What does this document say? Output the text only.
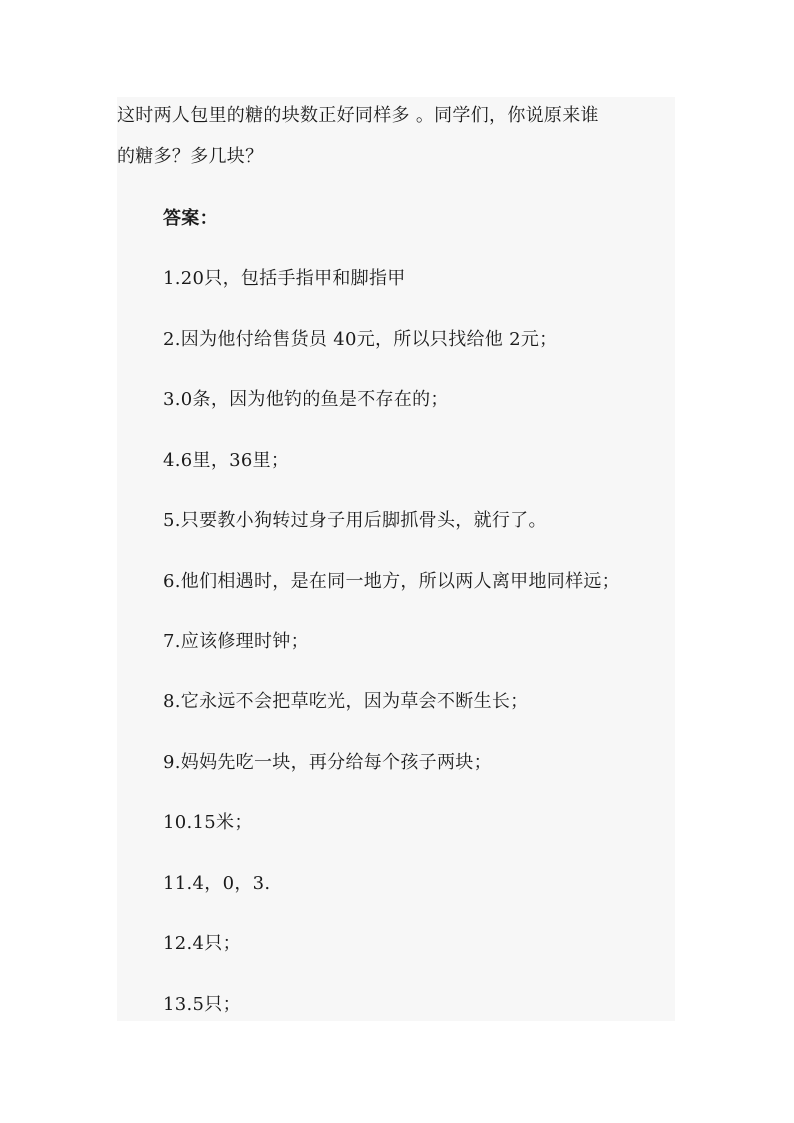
这时两人包里的糖的块数正好同样多 。同学们，你说原来谁
的糖多？多几块？
答案：
1.20只，包括手指甲和脚指甲
2.因为他付给售货员 40元，所以只找给他 2元；
3.0条，因为他钓的鱼是不存在的；
4.6里，36里；
5.只要教小狗转过身子用后脚抓骨头，就行了。
6.他们相遇时，是在同一地方，所以两人离甲地同样远；
7.应该修理时钟；
8.它永远不会把草吃光，因为草会不断生长；
9.妈妈先吃一块，再分给每个孩子两块；
10.15米；
11.4，0，3.
12.4只；
13.5只；
